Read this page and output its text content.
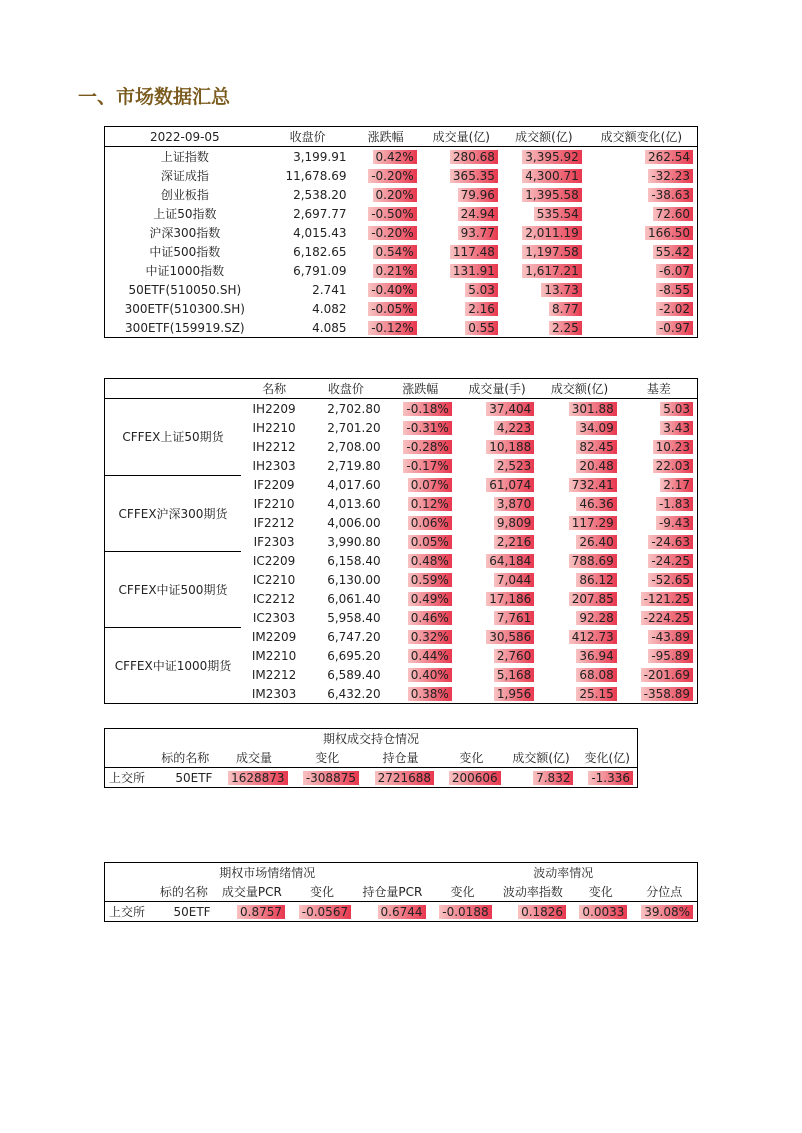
一、市场数据汇总
2022-09-05	收盘价	涨跌幅	成交量(亿)	成交额(亿)	成交额变化(亿)
上证指数	3,199.91	0.42%	280.68	3,395.92	262.54
深证成指	11,678.69	-0.20%	365.35	4,300.71	-32.23
创业板指	2,538.20	0.20%	79.96	1,395.58	-38.63
上证50指数	2,697.77	-0.50%	24.94	535.54	72.60
沪深300指数	4,015.43	-0.20%	93.77	2,011.19	166.50
中证500指数	6,182.65	0.54%	117.48	1,197.58	55.42
中证1000指数	6,791.09	0.21%	131.91	1,617.21	-6.07
50ETF(510050.SH)	2.741	-0.40%	5.03	13.73	-8.55
300ETF(510300.SH)	4.082	-0.05%	2.16	8.77	-2.02
300ETF(159919.SZ)	4.085	-0.12%	0.55	2.25	-0.97
	名称	收盘价	涨跌幅	成交量(手)	成交额(亿)	基差
CFFEX上证50期货	IH2209	2,702.80	-0.18%	37,404	301.88	5.03
	IH2210	2,701.20	-0.31%	4,223	34.09	3.43
	IH2212	2,708.00	-0.28%	10,188	82.45	10.23
	IH2303	2,719.80	-0.17%	2,523	20.48	22.03
CFFEX沪深300期货	IF2209	4,017.60	0.07%	61,074	732.41	2.17
	IF2210	4,013.60	0.12%	3,870	46.36	-1.83
	IF2212	4,006.00	0.06%	9,809	117.29	-9.43
	IF2303	3,990.80	0.05%	2,216	26.40	-24.63
CFFEX中证500期货	IC2209	6,158.40	0.48%	64,184	788.69	-24.25
	IC2210	6,130.00	0.59%	7,044	86.12	-52.65
	IC2212	6,061.40	0.49%	17,186	207.85	-121.25
	IC2303	5,958.40	0.46%	7,761	92.28	-224.25
CFFEX中证1000期货	IM2209	6,747.20	0.32%	30,586	412.73	-43.89
	IM2210	6,695.20	0.44%	2,760	36.94	-95.89
	IM2212	6,589.40	0.40%	5,168	68.08	-201.69
	IM2303	6,432.20	0.38%	1,956	25.15	-358.89
期权成交持仓情况							
	标的名称	成交量	变化	持仓量	变化	成交额(亿)	变化(亿)
上交所	50ETF	1628873	-308875	2721688	200606	7.832	-1.336
期权市场情绪情况					波动率情况			
	标的名称	成交量PCR	变化	持仓量PCR	变化	波动率指数	变化	分位点
上交所	50ETF	0.8757	-0.0567	0.6744	-0.0188	0.1826	0.0033	39.08%
